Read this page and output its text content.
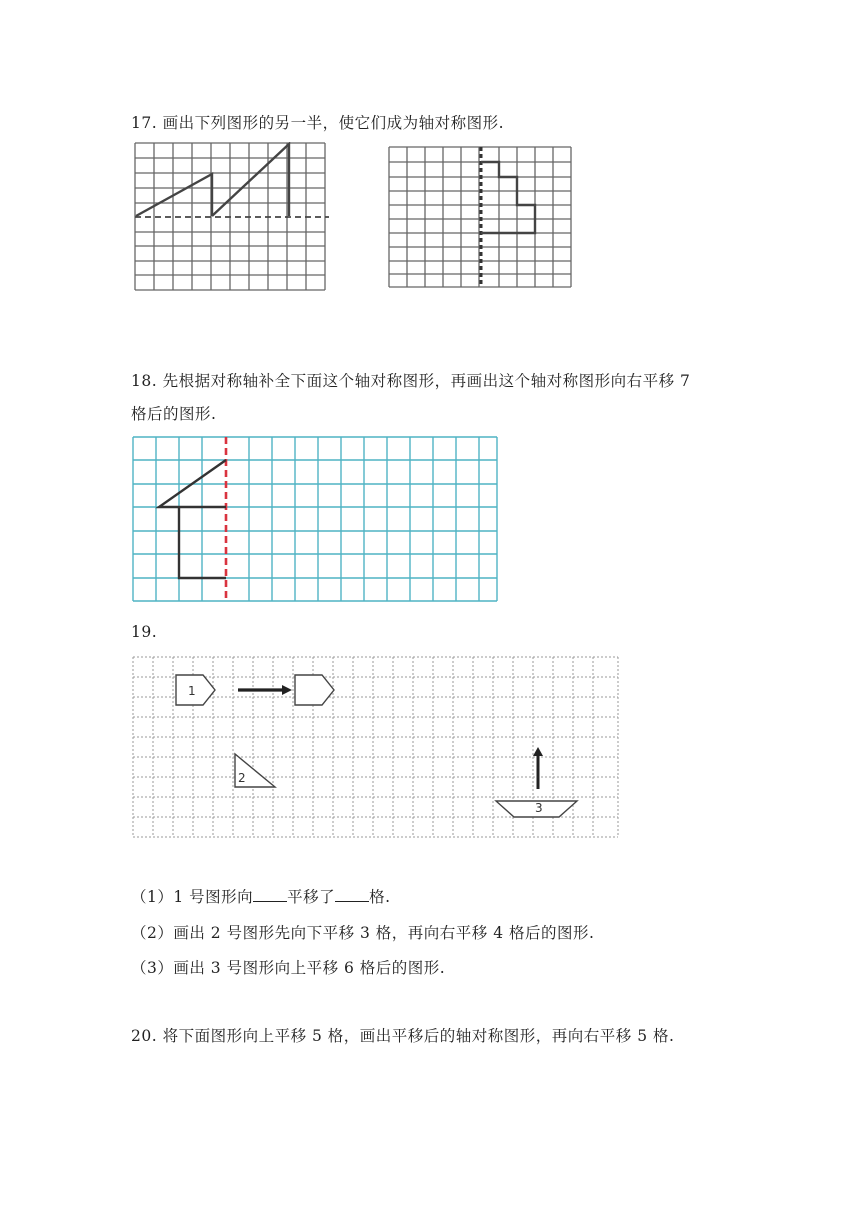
17. 画出下列图形的另一半，使它们成为轴对称图形.
18. 先根据对称轴补全下面这个轴对称图形，再画出这个轴对称图形向右平移 7
格后的图形.
19.
1
2
3
（1）1 号图形向 平移了 格.
（2）画出 2 号图形先向下平移 3 格，再向右平移 4 格后的图形.
（3）画出 3 号图形向上平移 6 格后的图形.
20. 将下面图形向上平移 5 格，画出平移后的轴对称图形，再向右平移 5 格.
